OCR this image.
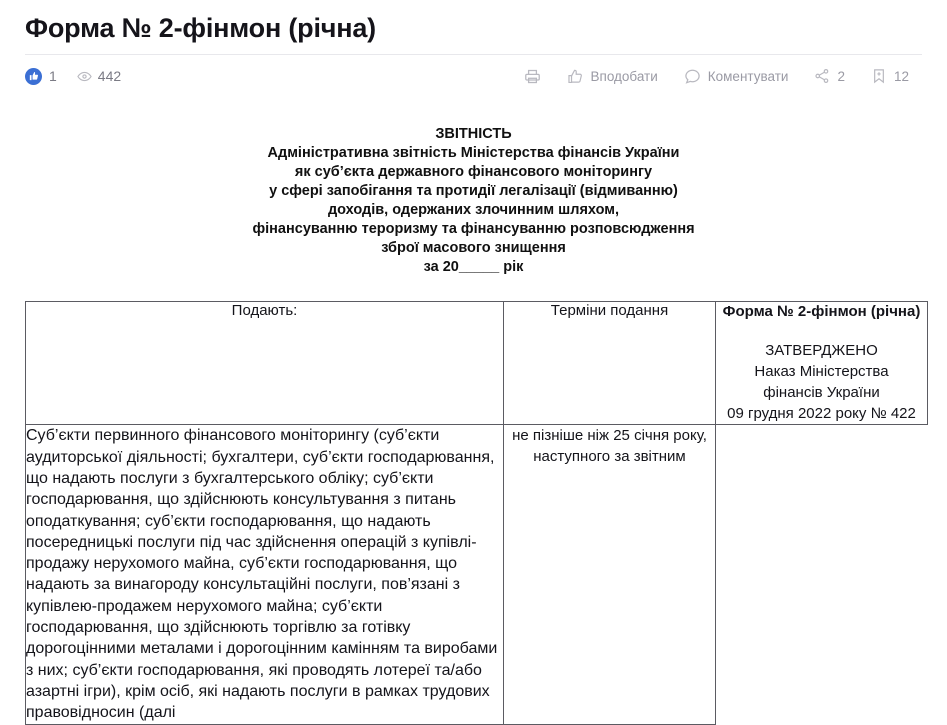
Форма № 2-фінмон (річна)
1	442	Вподобати	Коментувати	2	12
ЗВІТНІСТЬ
Адміністративна звітність Міністерства фінансів України
як суб’єкта державного фінансового моніторингу
у сфері запобігання та протидії легалізації (відмиванню)
доходів, одержаних злочинним шляхом,
фінансуванню тероризму та фінансуванню розповсюдження
зброї масового знищення
за 20_____ рік
Подають:	Терміни подання	Форма № 2-фінмон (річна)
ЗАТВЕРДЖЕНО
Наказ Міністерства
фінансів України
09 грудня 2022 року № 422

Суб’єкти первинного фінансового моніторингу (суб’єкти аудиторської діяльності; бухгалтери, суб’єкти господарювання, що надають послуги з бухгалтерського обліку; суб’єкти господарювання, що здійснюють консультування з питань оподаткування; суб’єкти господарювання, що надають посередницькі послуги під час здійснення операцій з купівлі-продажу нерухомого майна, суб’єкти господарювання, що надають за винагороду консультаційні послуги, пов’язані з купівлею-продажем нерухомого майна; суб’єкти господарювання, що здійснюють торгівлю за готівку дорогоцінними металами і дорогоцінним камінням та виробами з них; суб’єкти господарювання, які проводять лотереї та/або азартні ігри), крім осіб, які надають послуги в рамках трудових правовідносин (далі	не пізніше ніж 25 січня року, наступного за звітним	
